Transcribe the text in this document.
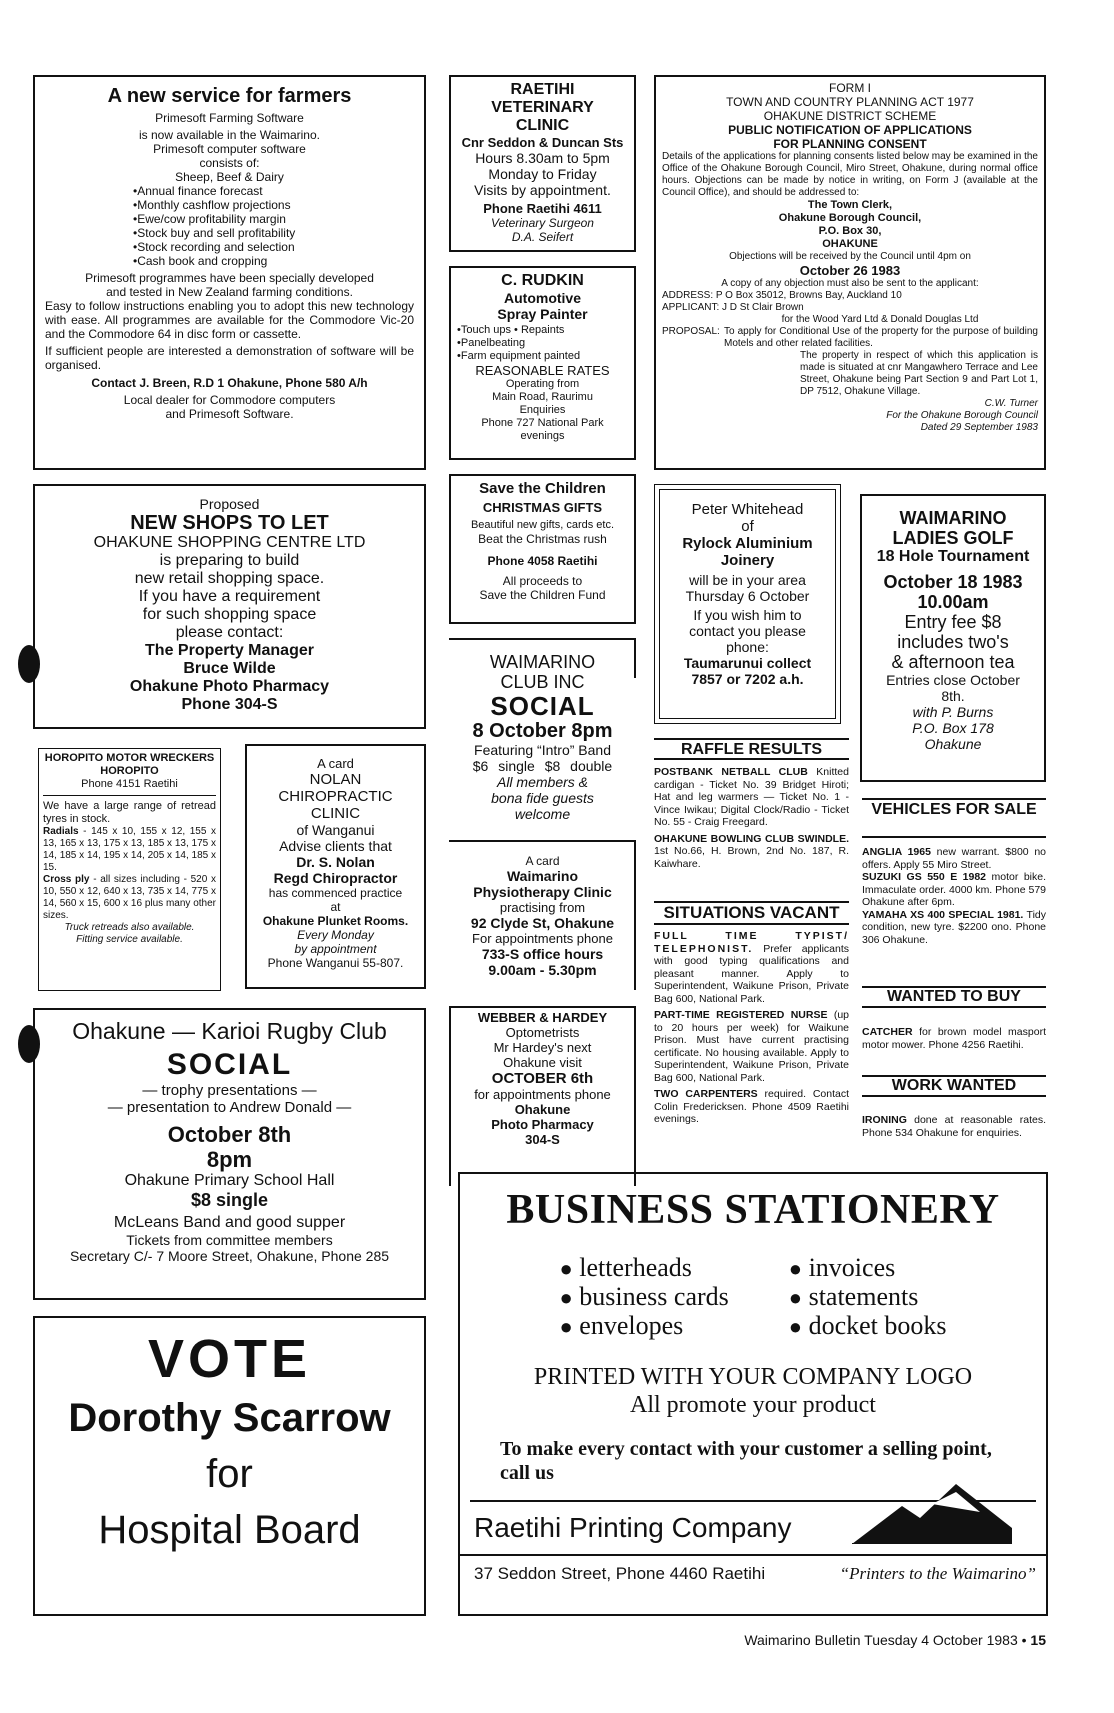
A new service for farmers

Primesoft Farming Software

is now available in the Waimarino.

Primesoft computer software

consists of:

Sheep, Beef & Dairy

• Annual finance forecast
• Monthly cashflow projections
• Ewe/cow profitability margin
• Stock buy and sell profitability
• Stock recording and selection
• Cash book and cropping

Primesoft programmes have been specially developed and tested in New Zealand farming conditions.

Easy to follow instructions enabling you to adopt this new technology with ease. All programmes are available for the Commodore Vic-20 and the Commodore 64 in disc form or cassette.

If sufficient people are interested a demonstration of software will be organised.

Contact J. Breen, R.D 1 Ohakune, Phone 580 A/h

Local dealer for Commodore computers

and Primesoft Software.

RAETIHI

VETERINARY

CLINIC

Cnr Seddon & Duncan Sts

Hours 8.30am to 5pm

Monday to Friday

Visits by appointment.

Phone Raetihi 4611

Veterinary Surgeon

D.A. Seifert

C. RUDKIN

Automotive

Spray Painter

• Touch ups • Repaints
• Panelbeating
• Farm equipment painted

REASONABLE RATES

Operating from

Main Road, Raurimu

Enquiries

Phone 727 National Park

evenings

FORM I

TOWN AND COUNTRY PLANNING ACT 1977

OHAKUNE DISTRICT SCHEME

PUBLIC NOTIFICATION OF APPLICATIONS

FOR PLANNING CONSENT

Details of the applications for planning consents listed below may be examined in the Office of the Ohakune Borough Council, Miro Street, Ohakune, during normal office hours. Objections can be made by notice in writing, on Form J (available at the Council Office), and should be addressed to:

The Town Clerk,

Ohakune Borough Council,

P.O. Box 30,

OHAKUNE

Objections will be received by the Council until 4pm on

October 26 1983

A copy of any objection must also be sent to the applicant:

ADDRESS: P O Box 35012, Browns Bay, Auckland 10

APPLICANT: J D St Clair Brown

for the Wood Yard Ltd & Donald Douglas Ltd

PROPOSAL: To apply for Conditional Use of the property for the purpose of building Motels and other related facilities.

The property in respect of which this application is made is situated at cnr Mangawhero Terrace and Lee Street, Ohakune being Part Section 9 and Part Lot 1, DP 7512, Ohakune Village.

C.W. Turner

For the Ohakune Borough Council

Dated 29 September 1983

Proposed

NEW SHOPS TO LET

OHAKUNE SHOPPING CENTRE LTD

is preparing to build

new retail shopping space.

If you have a requirement

for such shopping space

please contact:

The Property Manager

Bruce Wilde

Ohakune Photo Pharmacy

Phone 304-S

Save the Children

CHRISTMAS GIFTS

Beautiful new gifts, cards etc.

Beat the Christmas rush

Phone 4058 Raetihi

All proceeds to

Save the Children Fund

WAIMARINO

CLUB INC

SOCIAL

8 October 8pm

Featuring “Intro” Band

$6 single $8 double

All members &

bona fide guests

welcome

Peter Whitehead

of

Rylock Aluminium

Joinery

will be in your area

Thursday 6 October

If you wish him to

contact you please

phone:

Taumarunui collect

7857 or 7202 a.h.

WAIMARINO

LADIES GOLF

18 Hole Tournament

October 18 1983

10.00am

Entry fee $8

includes two's

& afternoon tea

Entries close October

8th.

with P. Burns

P.O. Box 178

Ohakune

HOROPITO MOTOR WRECKERS

HOROPITO

Phone 4151 Raetihi

We have a large range of retread tyres in stock.

Radials - 145 x 10, 155 x 12, 155 x 13, 165 x 13, 175 x 13, 185 x 13, 175 x 14, 185 x 14, 195 x 14, 205 x 14, 185 x 15.

Cross ply - all sizes including - 520 x 10, 550 x 12, 640 x 13, 735 x 14, 775 x 14, 560 x 15, 600 x 16 plus many other sizes.

Truck retreads also available.

Fitting service available.

A card

NOLAN

CHIROPRACTIC

CLINIC

of Wanganui

Advise clients that

Dr. S. Nolan

Regd Chiropractor

has commenced practice

at

Ohakune Plunket Rooms.

Every Monday

by appointment

Phone Wanganui 55-807.

A card

Waimarino

Physiotherapy Clinic

practising from

92 Clyde St, Ohakune

For appointments phone

733-S office hours

9.00am - 5.30pm

Ohakune — Karioi Rugby Club

SOCIAL

— trophy presentations —

— presentation to Andrew Donald —

October 8th

8pm

Ohakune Primary School Hall

$8 single

McLeans Band and good supper

Tickets from committee members

Secretary C/- 7 Moore Street, Ohakune, Phone 285

WEBBER & HARDEY

Optometrists

Mr Hardey's next

Ohakune visit

OCTOBER 6th

for appointments phone

Ohakune

Photo Pharmacy

304-S

RAFFLE RESULTS

POSTBANK NETBALL CLUB Knitted cardigan - Ticket No. 39 Bridget Hiroti; Hat and leg warmers — Ticket No. 1 - Vince Iwikau; Digital Clock/Radio - Ticket No. 55 - Craig Freegard.

OHAKUNE BOWLING CLUB SWINDLE. 1st No.66, H. Brown, 2nd No. 187, R. Kaiwhare.

SITUATIONS VACANT

FULL TIME TYPIST/ TELEPHONIST. Prefer applicants with good typing qualifications and pleasant manner. Apply to Superintendent, Waikune Prison, Private Bag 600, National Park.

PART-TIME REGISTERED NURSE (up to 20 hours per week) for Waikune Prison. Must have current practising certificate. No housing available. Apply to Superintendent, Waikune Prison, Private Bag 600, National Park.

TWO CARPENTERS required. Contact Colin Fredericksen. Phone 4509 Raetihi evenings.

VEHICLES FOR SALE

ANGLIA 1965 new warrant. $800 no offers. Apply 55 Miro Street.

SUZUKI GS 550 E 1982 motor bike. Immaculate order. 4000 km. Phone 579 Ohakune after 6pm.

YAMAHA XS 400 SPECIAL 1981. Tidy condition, new tyre. $2200 ono. Phone 306 Ohakune.

WANTED TO BUY

CATCHER for brown model masport motor mower. Phone 4256 Raetihi.

WORK WANTED

IRONING done at reasonable rates. Phone 534 Ohakune for enquiries.

VOTE

Dorothy Scarrow

for

Hospital Board

BUSINESS STATIONERY

● letterheads
● business cards
● envelopes
● invoices
● statements
● docket books

PRINTED WITH YOUR COMPANY LOGO

All promote your product

To make every contact with your customer a selling point, call us

Raetihi Printing Company

37 Seddon Street, Phone 4460 Raetihi	“Printers to the Waimarino”

Waimarino Bulletin Tuesday 4 October 1983 • 15
